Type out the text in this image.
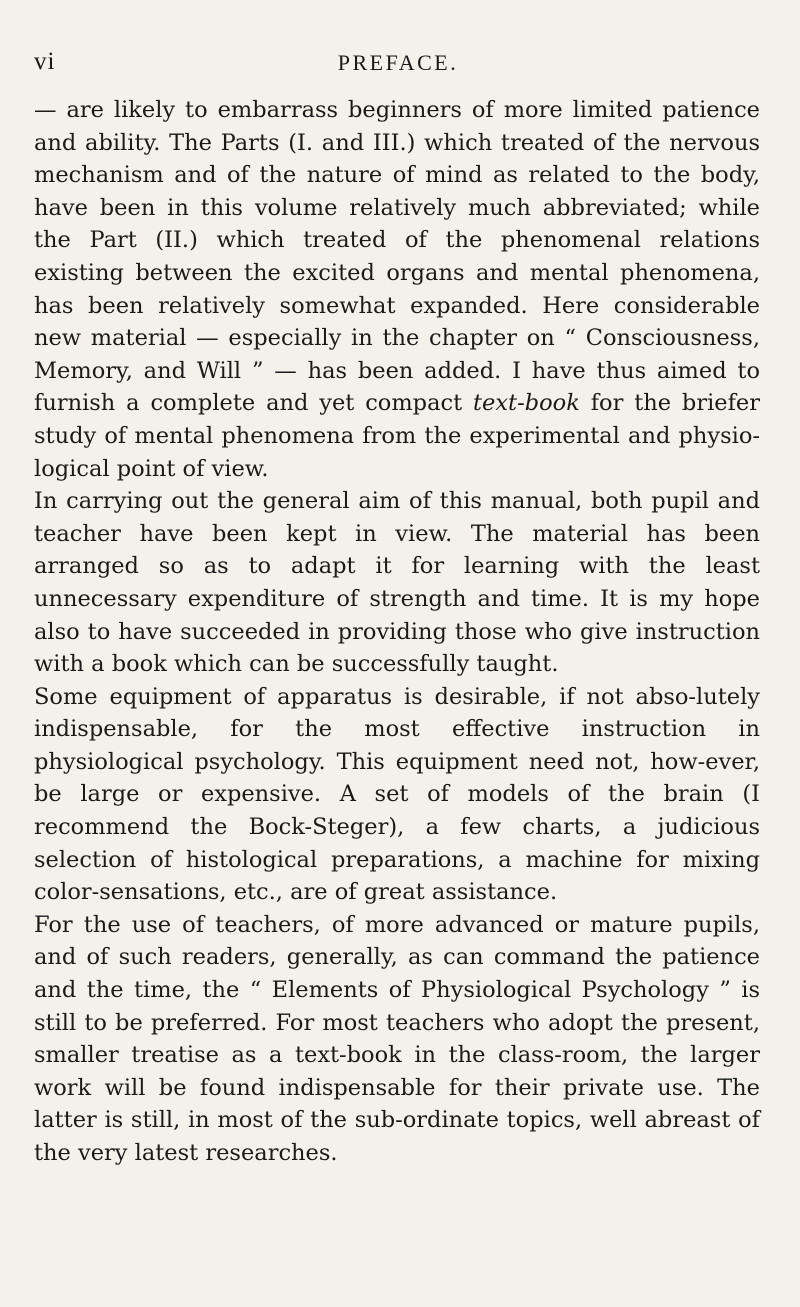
vi	PREFACE.

— are likely to embarrass beginners of more limited patience and ability. The Parts (I. and III.) which treated of the nervous mechanism and of the nature of mind as related to the body, have been in this volume relatively much abbreviated; while the Part (II.) which treated of the phenomenal relations existing between the excited organs and mental phenomena, has been relatively somewhat expanded. Here considerable new material — especially in the chapter on “ Consciousness, Memory, and Will ” — has been added. I have thus aimed to furnish a complete and yet compact text-book for the briefer study of mental phenomena from the experimental and physio-logical point of view.

In carrying out the general aim of this manual, both pupil and teacher have been kept in view. The material has been arranged so as to adapt it for learning with the least unnecessary expenditure of strength and time. It is my hope also to have succeeded in providing those who give instruction with a book which can be successfully taught.

Some equipment of apparatus is desirable, if not abso-lutely indispensable, for the most effective instruction in physiological psychology. This equipment need not, how-ever, be large or expensive. A set of models of the brain (I recommend the Bock-Steger), a few charts, a judicious selection of histological preparations, a machine for mixing color-sensations, etc., are of great assistance.

For the use of teachers, of more advanced or mature pupils, and of such readers, generally, as can command the patience and the time, the “ Elements of Physiological Psychology ” is still to be preferred. For most teachers who adopt the present, smaller treatise as a text-book in the class-room, the larger work will be found indispensable for their private use. The latter is still, in most of the sub-ordinate topics, well abreast of the very latest researches.
